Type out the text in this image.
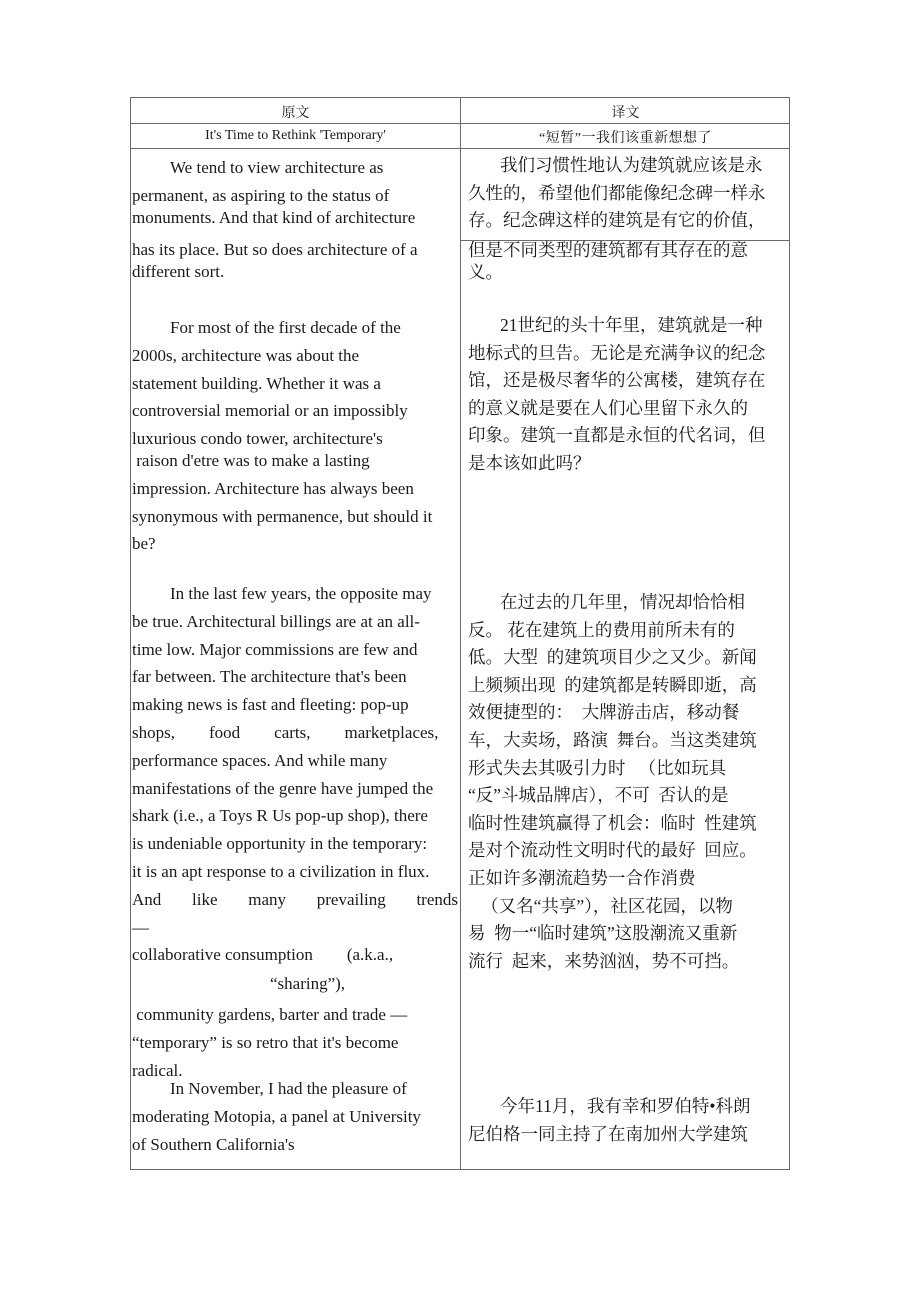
原文	译文
It's Time to Rethink 'Temporary'	“短暂”一我们该重新想想了
We tend to view architecture as
permanent, as aspiring to the status of
monuments. And that kind of architecture
我们习惯性地认为建筑就应该是永
久性的，希望他们都能像纪念碑一样永
存。纪念碑这样的建筑是有它的价值，
has its place. But so does architecture of a
different sort.
但是不同类型的建筑都有其存在的意
义。
For most of the first decade of the
2000s, architecture was about the
statement building. Whether it was a
controversial memorial or an impossibly
luxurious condo tower, architecture's
raison d'etre was to make a lasting
impression. Architecture has always been
synonymous with permanence, but should it
be?
21世纪的头十年里，建筑就是一种
地标式的旦告。无论是充满争议的纪念
馆，还是极尽奢华的公寓楼，建筑存在
的意义就是要在人们心里留下永久的
印象。建筑一直都是永恒的代名词，但
是本该如此吗？
In the last few years, the opposite may
be true. Architectural billings are at an all-
time low. Major commissions are few and
far between. The architecture that's been
making news is fast and fleeting: pop-up
shops,        food        carts,        marketplaces,
performance spaces. And while many
manifestations of the genre have jumped the
shark (i.e., a Toys R Us pop-up shop), there
is undeniable opportunity in the temporary:
it is an apt response to a civilization in flux.
And like many prevailing trends —
collaborative consumption        (a.k.a.,
“sharing”),
community gardens, barter and trade —
“temporary” is so retro that it's become
radical.
在过去的几年里，情况却恰恰相
反。 花在建筑上的费用前所未有的
低。大型  的建筑项目少之又少。新闻
上频频出现  的建筑都是转瞬即逝，高
效便捷型的：  大牌游击店，移动餐
车，大卖场，路演  舞台。当这类建筑
形式失去其吸引力时   （比如玩具
“反”斗城品牌店），不可  否认的是
临时性建筑赢得了机会：临时  性建筑
是对个流动性文明时代的最好  回应。
正如许多潮流趋势一合作消费
（又名“共享”），社区花园，以物
易  物一“临时建筑”这股潮流又重新
流行  起来，来势汹汹，势不可挡。
In November, I had the pleasure of
moderating Motopia, a panel at University
of Southern California's
今年11月，我有幸和罗伯特•科朗
尼伯格一同主持了在南加州大学建筑
